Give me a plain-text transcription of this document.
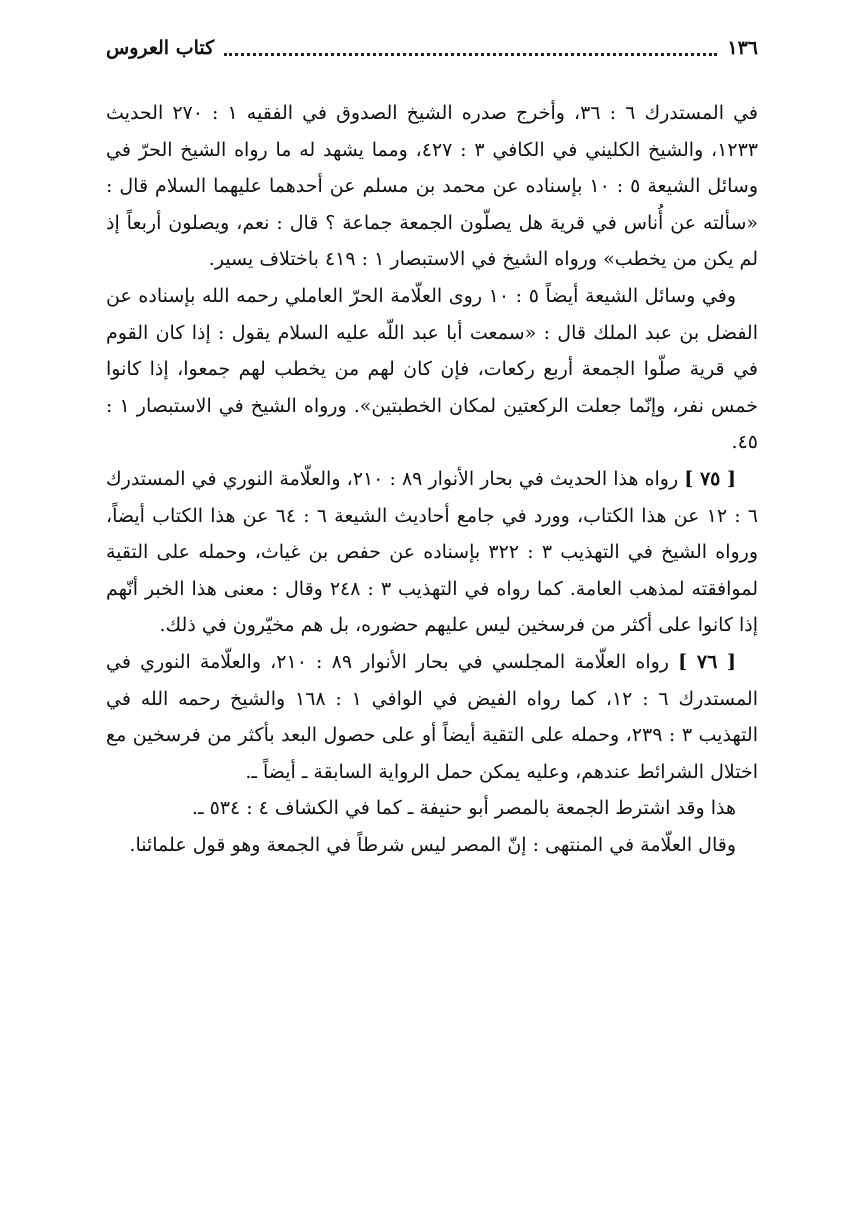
١٣٦
كتاب العروس

في المستدرك ٦ : ٣٦، وأخرج صدره الشيخ الصدوق في الفقيه ١ : ٢٧٠ الحديث ١٢٣٣، والشيخ الكليني في الكافي ٣ : ٤٢٧، ومما يشهد له ما رواه الشيخ الحرّ في وسائل الشيعة ٥ : ١٠ بإسناده عن محمد بن مسلم عن أحدهما عليهما السلام قال : «سألته عن أُناس في قرية هل يصلّون الجمعة جماعة ؟ قال : نعم، ويصلون أربعاً إذ لم يكن من يخطب» ورواه الشيخ في الاستبصار ١ : ٤١٩ باختلاف يسير.

وفي وسائل الشيعة أيضاً ٥ : ١٠ روى العلّامة الحرّ العاملي رحمه الله بإسناده عن الفضل بن عبد الملك قال : «سمعت أبا عبد اللّه عليه السلام يقول : إذا كان القوم في قرية صلّوا الجمعة أربع ركعات، فإن كان لهم من يخطب لهم جمعوا، إذا كانوا خمس نفر، وإنّما جعلت الركعتين لمكان الخطبتين». ورواه الشيخ في الاستبصار ١ : ٤٥.

[ ٧٥ ] رواه هذا الحديث في بحار الأنوار ٨٩ : ٢١٠، والعلّامة النوري في المستدرك ٦ : ١٢ عن هذا الكتاب، وورد في جامع أحاديث الشيعة ٦ : ٦٤ عن هذا الكتاب أيضاً، ورواه الشيخ في التهذيب ٣ : ٣٢٢ بإسناده عن حفص بن غياث، وحمله على التقية لموافقته لمذهب العامة. كما رواه في التهذيب ٣ : ٢٤٨ وقال : معنى هذا الخبر أنّهم إذا كانوا على أكثر من فرسخين ليس عليهم حضوره، بل هم مخيّرون في ذلك.

[ ٧٦ ] رواه العلّامة المجلسي في بحار الأنوار ٨٩ : ٢١٠، والعلّامة النوري في المستدرك ٦ : ١٢، كما رواه الفيض في الوافي ١ : ١٦٨ والشيخ رحمه الله في التهذيب ٣ : ٢٣٩، وحمله على التقية أيضاً أو على حصول البعد بأكثر من فرسخين مع اختلال الشرائط عندهم، وعليه يمكن حمل الرواية السابقة ـ أيضاً ـ.

هذا وقد اشترط الجمعة بالمصر أبو حنيفة ـ كما في الكشاف ٤ : ٥٣٤ ـ.

وقال العلّامة في المنتهى : إنّ المصر ليس شرطاً في الجمعة وهو قول علمائنا.
